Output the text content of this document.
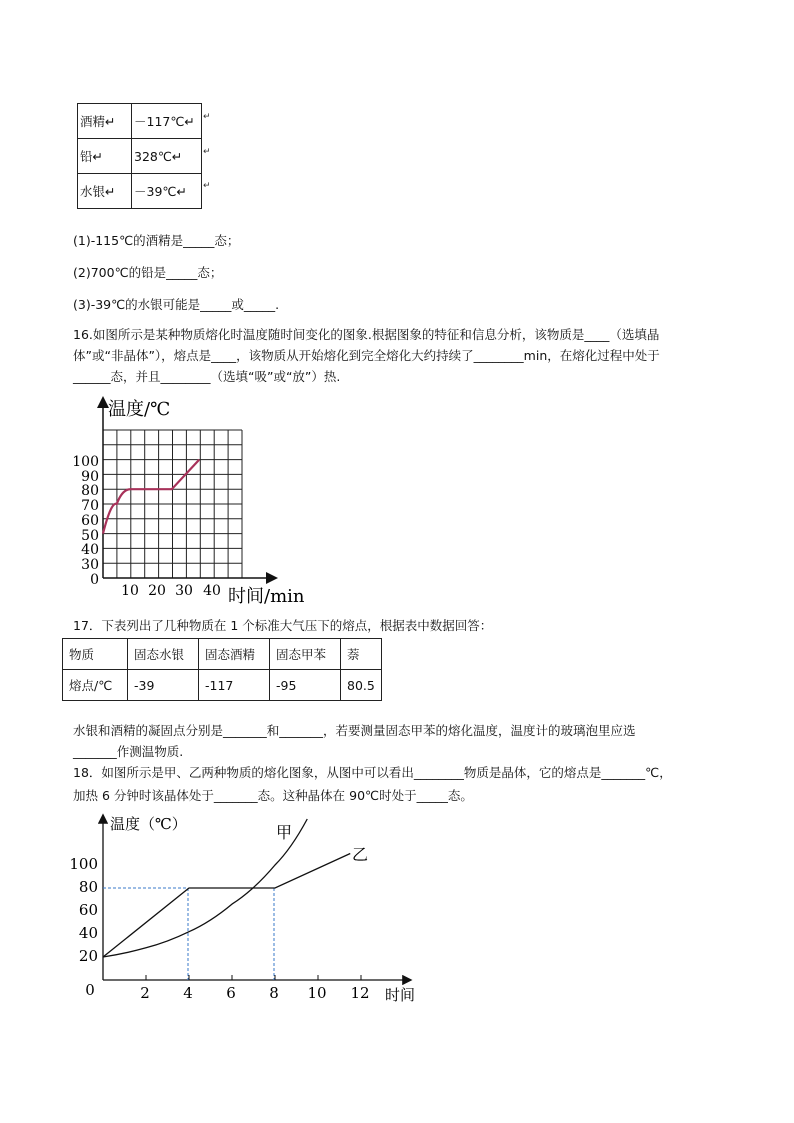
酒精↵	－117℃↵
铅↵	328℃↵
水银↵	－39℃↵
↵
↵
↵
(1)-115℃的酒精是_____态；
(2)700℃的铅是_____态；
(3)-39℃的水银可能是_____或_____.
16.如图所示是某种物质熔化时温度随时间变化的图象.根据图象的特征和信息分析，该物质是____（选填晶
体”或“非晶体”），熔点是____，该物质从开始熔化到完全熔化大约持续了________min，在熔化过程中处于
______态，并且________（选填“吸”或“放”）热.
温度/℃
时间/min
100
90
80
70
60
50
40
30
0
10 20 30 40
17．下表列出了几种物质在 1 个标准大气压下的熔点，根据表中数据回答：
物质	固态水银	固态酒精	固态甲苯	萘
熔点/℃	-39	-117	-95	80.5
水银和酒精的凝固点分别是_______和_______，若要测量固态甲苯的熔化温度，温度计的玻璃泡里应选
_______作测温物质.
18．如图所示是甲、乙两种物质的熔化图象，从图中可以看出________物质是晶体，它的熔点是_______℃，
加热 6 分钟时该晶体处于_______态。这种晶体在 90℃时处于_____态。
温度（℃）
时间
0
100
80
60
40
20
2 4 6 8 10 12
甲
乙
